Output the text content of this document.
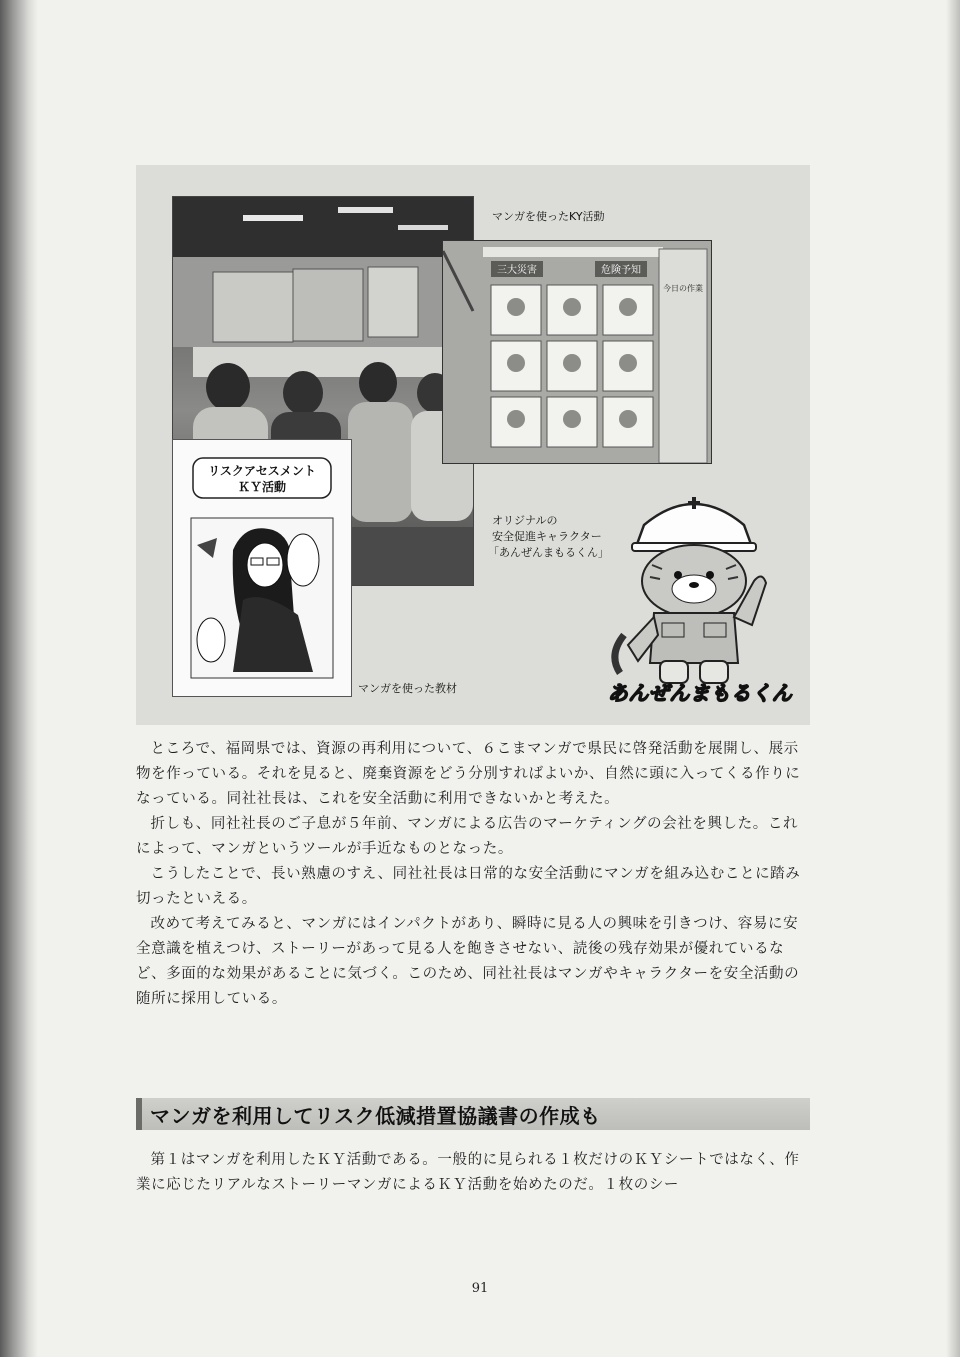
三大災害	危険予知
今日の作業
リスクアセスメント
ＫＹ活動
マンガを使ったKY活動
オリジナルの
安全促進キャラクター
「あんぜんまもるくん」
マンガを使った教材	あんぜんまもるくん

ところで、福岡県では、資源の再利用について、６こまマンガで県民に啓発活動を展開し、展示物を作っている。それを見ると、廃棄資源をどう分別すればよいか、自然に頭に入ってくる作りになっている。同社社長は、これを安全活動に利用できないかと考えた。

折しも、同社社長のご子息が５年前、マンガによる広告のマーケティングの会社を興した。これによって、マンガというツールが手近なものとなった。

こうしたことで、長い熟慮のすえ、同社社長は日常的な安全活動にマンガを組み込むことに踏み切ったといえる。

改めて考えてみると、マンガにはインパクトがあり、瞬時に見る人の興味を引きつけ、容易に安全意識を植えつけ、ストーリーがあって見る人を飽きさせない、読後の残存効果が優れているなど、多面的な効果があることに気づく。このため、同社社長はマンガやキャラクターを安全活動の随所に採用している。

マンガを利用してリスク低減措置協議書の作成も

第１はマンガを利用したＫＹ活動である。一般的に見られる１枚だけのＫＹシートではなく、作業に応じたリアルなストーリーマンガによるＫＹ活動を始めたのだ。１枚のシー

91
